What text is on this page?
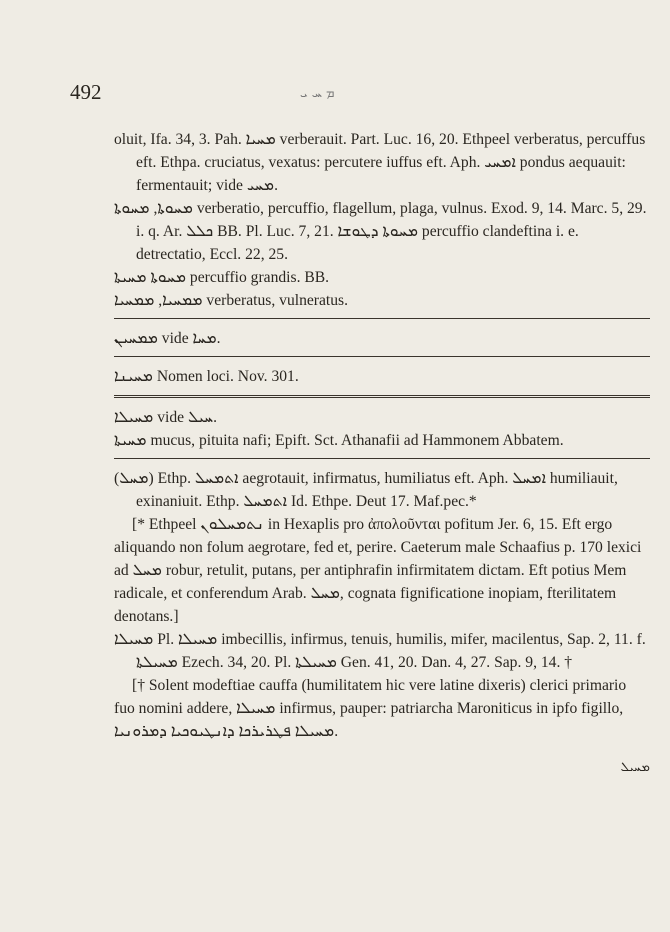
492	ܡ ܚ ܝ

oluit, Ifa. 34, 3. Pah. ܡܚܝܐ verberauit. Part. Luc. 16, 20. Ethpeel verberatus, percuffus eft. Ethpa. cruciatus, vexatus: percutere iuffus eft. Aph. ܐܡܚܝ pondus aequauit: fermentauit; vide ܡܚܝ.

ܡܚܘܬܐ, ܡܚܘܬܐ verberatio, percuffio, flagellum, plaga, vulnus. Exod. 9, 14. Marc. 5, 29. i. q. Ar. ܟܠܠ BB. Pl. Luc. 7, 21. ܡܚܘܬܐ ܕܛܘܫܐ percuffio clandeftina i. e. detrectatio, Eccl. 22, 25.

ܡܚܘܬܐ ܡܚܝܬܐ percuffio grandis. BB.

ܡܡܚܝܐ, ܡܡܚܝܐ verberatus, vulneratus.

ܡܡܚܝܢ vide ܡܚܐ.

ܡܚܝܢܐ Nomen loci. Nov. 301.

ܡܚܝܠܐ vide ܚܝܠ.

ܡܚܝܬܐ mucus, pituita nafi; Epift. Sct. Athanafii ad Hammonem Abbatem.

(ܡܚܠ) Ethp. ܐܬܡܚܠ aegrotauit, infirmatus, humiliatus eft. Aph. ܐܡܚܠ humiliauit, exinaniuit. Ethp. ܐܬܡܚܠ Id. Ethpe. Deut 17. Maf.pec.*

[* Ethpeel ܢܬܡܚܠܘܢ in Hexaplis pro ἀπολοῦνται pofitum Jer. 6, 15. Eft ergo aliquando non folum aegrotare, fed et, perire. Caeterum male Schaafius p. 170 lexici ad ܡܚܠ robur, retulit, putans, per antiphrafin infirmitatem dictam. Eft potius Mem radicale, et conferendum Arab. ܡܚܠ, cognata fignificatione inopiam, fterilitatem denotans.]

ܡܚܝܠܐ Pl. ܡܚܝܠܐ imbecillis, infirmus, tenuis, humilis, mifer, macilentus, Sap. 2, 11. f. ܡܚܝܠܬܐ Ezech. 34, 20. Pl. ܡܚܝܠܬܐ Gen. 41, 20. Dan. 4, 27. Sap. 9, 14. †

[† Solent modeftiae cauffa (humilitatem hic vere latine dixeris) clerici primario fuo nomini addere, ܡܚܝܠܐ infirmus, pauper: patriarcha Maroniticus in ipfo figillo, ܡܚܝܠܐ ܦܛܪܝܪܟܐ ܕܐܢܛܝܘܟܝܐ ܕܡܪܘܢܝܐ.

ܡܚܝܠ
